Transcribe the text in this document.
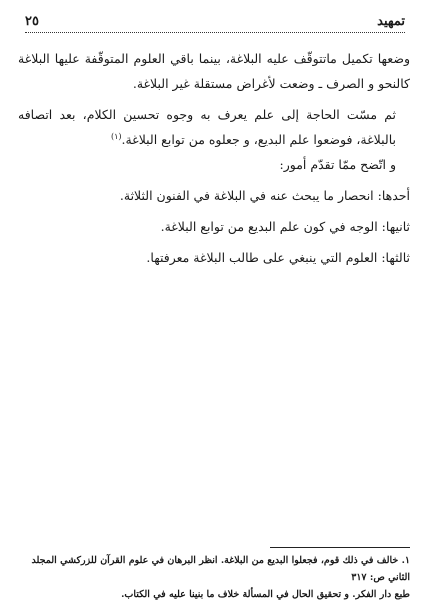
تمهيد
٢٥

وضعها تكميل ماتتوقّف عليه البلاغة، بينما باقي العلوم المتوقّفة عليها البلاغة كالنحو و الصرف ـ وضعت لأغراض مستقلة غير البلاغة.

ثم مسّت الحاجة إلى علم يعرف به وجوه تحسين الكلام، بعد اتصافه بالبلاغة، فوضعوا علم البديع، و جعلوه من توابع البلاغة.$^{(١)}$

و اتّضح ممّا تقدّم أمور:

أحدها: انحصار ما يبحث عنه في البلاغة في الفنون الثلاثة.

ثانيها: الوجه في كون علم البديع من توابع البلاغة.

ثالثها: العلوم التي ينبغي على طالب البلاغة معرفتها.

١. خالف في ذلك قوم، فجعلوا البديع من البلاغة. انظر البرهان في علوم القرآن للزركشي المجلد الثاني ص: ٣١٧

طبع دار الفكر. و تحقيق الحال في المسألة خلاف ما بنينا عليه في الكتاب.
